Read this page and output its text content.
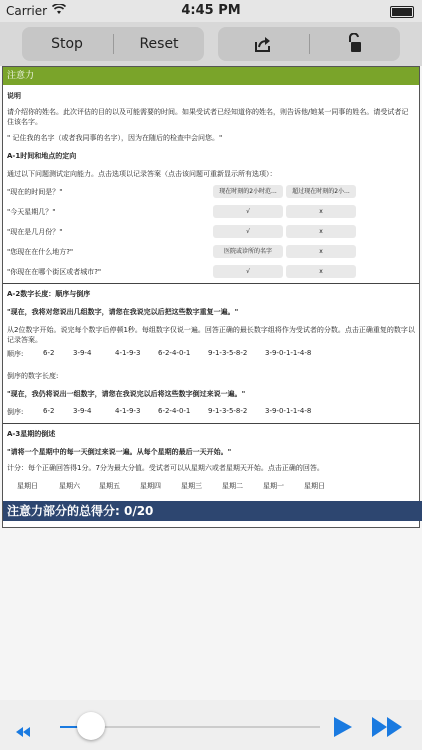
Carrier	4:45 PM
Stop	Reset
注意力
说明
请介绍你的姓名。此次评估的目的以及可能需要的时间。如果受试者已经知道你的姓名，则告诉他/她某一同事的姓名。请受试者记住该名字。
" 记住我的名字（或者我同事的名字），因为在随后的检查中会问您。"
A-1时间和地点的定向
通过以下问题测试定向能力。点击选项以记录答案（点击该问题可重新显示所有选项）：
"现在的时间是？"	现在时刻的2小时范...	超过现在时刻的2小...
"今天星期几？"	√	x
"现在是几月份？"	√	x
"您现在在什么地方?"	医院或诊所的名字	x
"你现在在哪个街区或者城市?"	√	x
A-2数字长度：顺序与倒序
"现在，我将对您说出几组数字，请您在我说完以后把这些数字重复一遍。"
从2位数字开始。说完每个数字后停顿1秒。每组数字仅说一遍。回答正确的最长数字组将作为受试者的分数。点击正确重复的数字以记录答案。
顺序:	6-2	3-9-4	4-1-9-3	6-2-4-0-1	9-1-3-5-8-2	3-9-0-1-1-4-8
倒序的数字长度:
"现在，我仍将说出一组数字，请您在我说完以后将这些数字倒过来说一遍。"
倒序:	6-2	3-9-4	4-1-9-3	6-2-4-0-1	9-1-3-5-8-2	3-9-0-1-1-4-8
A-3星期的倒述
"请将一个星期中的每一天倒过来说一遍。从每个星期的最后一天开始。"
计分：每个正确回答得1分。7分为最大分值。受试者可以从星期六或者星期天开始。点击正确的回答。
星期日	星期六	星期五	星期四	星期三	星期二	星期一	星期日
注意力部分的总得分: 0/20
